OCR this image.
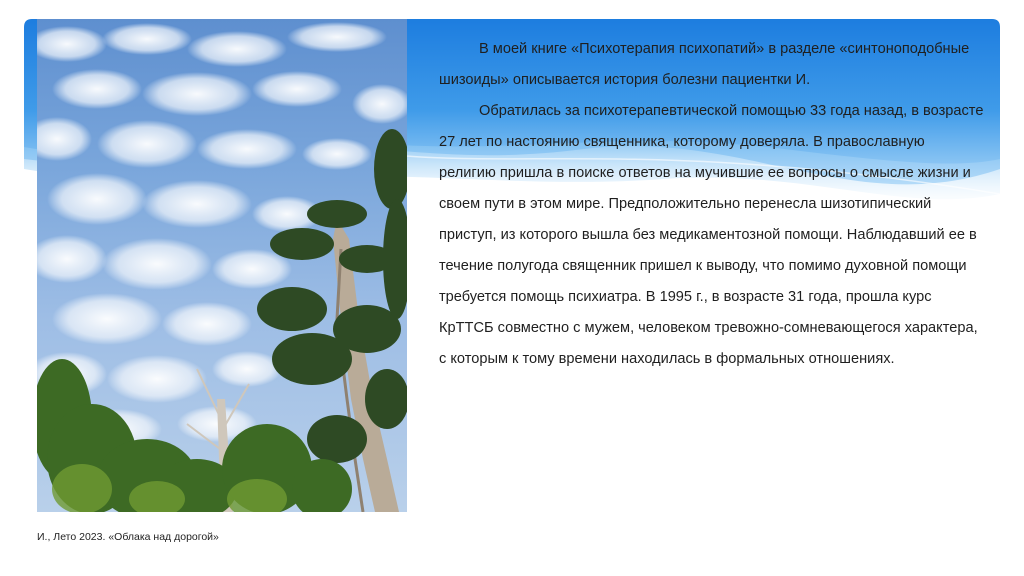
В моей книге «Психотерапия психопатий» в разделе «синтоноподобные шизоиды» описывается история болезни пациентки И.

Обратилась за психотерапевтической помощью 33 года назад, в возрасте 27 лет по настоянию священника, которому доверяла. В православную религию пришла в поиске ответов на мучившие ее вопросы о смысле жизни и своем пути в этом мире. Предположительно перенесла шизотипический приступ, из которого вышла без медикаментозной помощи. Наблюдавший ее в течение полугода священник пришел к выводу, что помимо духовной помощи требуется помощь психиатра. В 1995 г., в возрасте 31 года, прошла курс КрТТСБ совместно с мужем, человеком тревожно-сомневающегося характера, с которым к тому времени находилась в формальных отношениях.

И., Лето 2023. «Облака над дорогой»
